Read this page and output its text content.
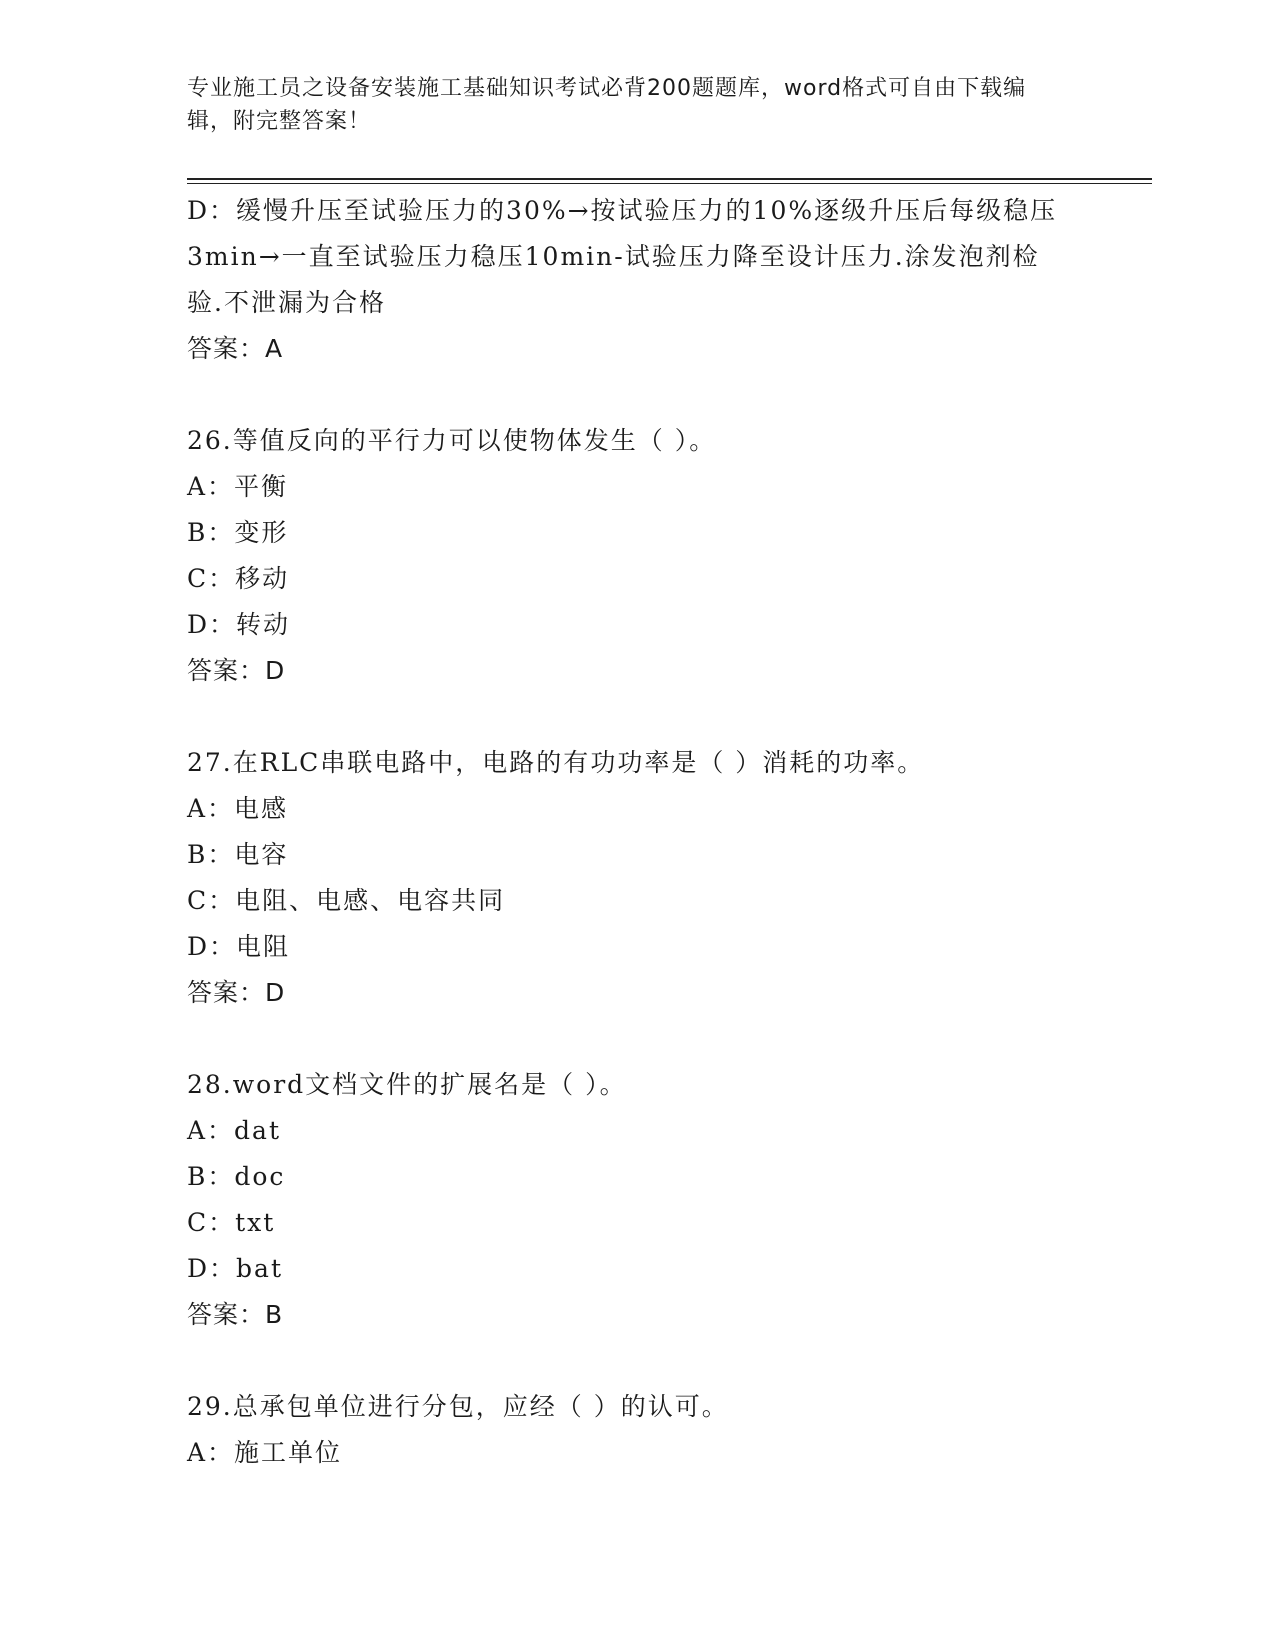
专业施工员之设备安装施工基础知识考试必背200题题库，word格式可自由下载编辑，附完整答案！
D：缓慢升压至试验压力的30%→按试验压力的10%逐级升压后每级稳压3min→一直至试验压力稳压10min-试验压力降至设计压力.涂发泡剂检验.不泄漏为合格
答案：A
26.等值反向的平行力可以使物体发生（ ）。
A：平衡
B：变形
C：移动
D：转动
答案：D
27.在RLC串联电路中，电路的有功功率是（ ）消耗的功率。
A：电感
B：电容
C：电阻、电感、电容共同
D：电阻
答案：D
28.word文档文件的扩展名是（ ）。
A：dat
B：doc
C：txt
D：bat
答案：B
29.总承包单位进行分包，应经（ ）的认可。
A：施工单位
